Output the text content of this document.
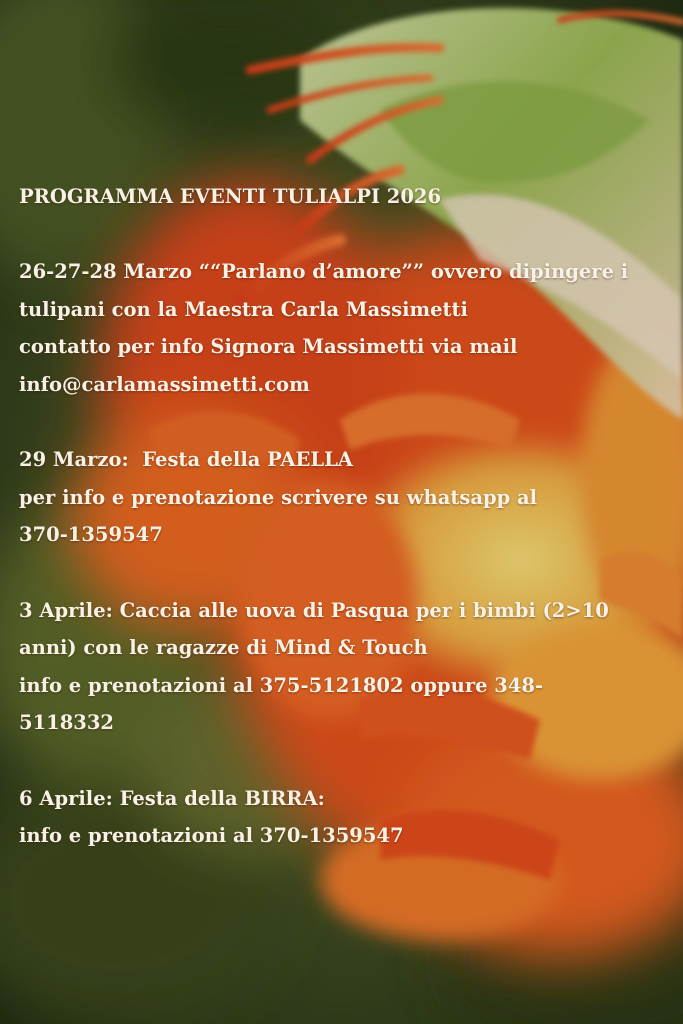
PROGRAMMA EVENTI TULIALPI 2026
26-27-28 Marzo ““Parlano d’amore”” ovvero dipingere i
tulipani con la Maestra Carla Massimetti
contatto per info Signora Massimetti via mail
info@carlamassimetti.com
29 Marzo:  Festa della PAELLA
per info e prenotazione scrivere su whatsapp al
370-1359547
3 Aprile: Caccia alle uova di Pasqua per i bimbi (2>10
anni) con le ragazze di Mind & Touch
info e prenotazioni al 375-5121802 oppure 348-
5118332
6 Aprile: Festa della BIRRA:
info e prenotazioni al 370-1359547
